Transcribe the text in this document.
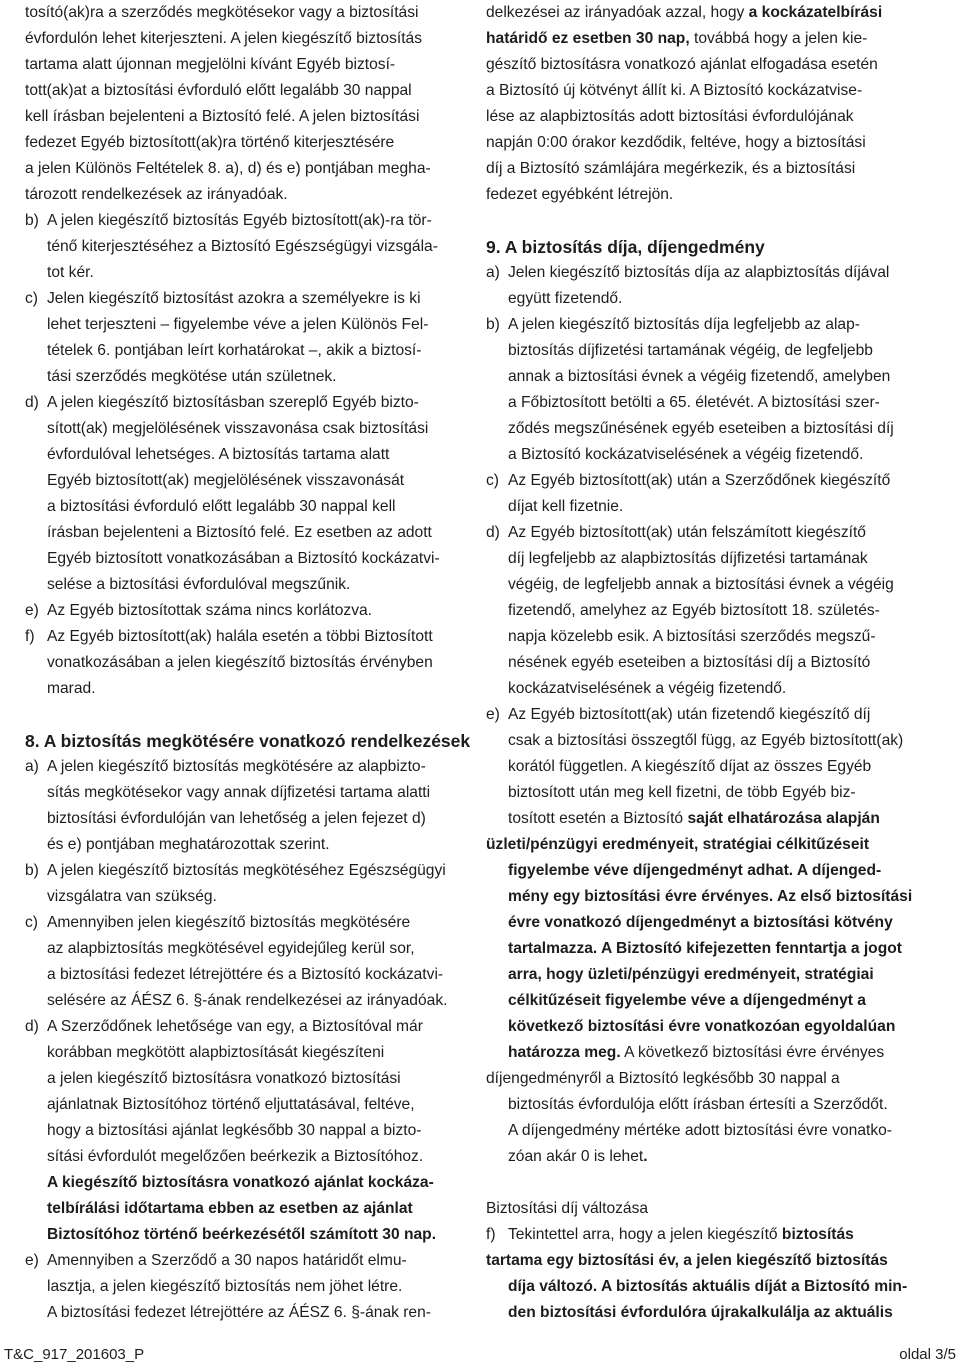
tosító(ak)ra a szerződés megkötésekor vagy a biztosítási
évfordulón lehet kiterjeszteni. A jelen kiegészítő biztosítás
tartama alatt újonnan megjelölni kívánt Egyéb biztosí-
tott(ak)at a biztosítási évforduló előtt legalább 30 nappal
kell írásban bejelenteni a Biztosító felé. A jelen biztosítási
fedezet Egyéb biztosított(ak)ra történő kiterjesztésére
a jelen Különös Feltételek 8. a), d) és e) pontjában megha-
tározott rendelkezések az irányadóak.
b) A jelen kiegészítő biztosítás Egyéb biztosított(ak)-ra tör-
ténő kiterjesztéséhez a Biztosító Egészségügyi vizsgála-
tot kér.
c) Jelen kiegészítő biztosítást azokra a személyekre is ki
lehet terjeszteni – figyelembe véve a jelen Különös Fel-
tételek 6. pontjában leírt korhatárokat –, akik a biztosí-
tási szerződés megkötése után születnek.
d) A jelen kiegészítő biztosításban szereplő Egyéb bizto-
sított(ak) megjelölésének visszavonása csak biztosítási
évfordulóval lehetséges. A biztosítás tartama alatt
Egyéb biztosított(ak) megjelölésének visszavonását
a biztosítási évforduló előtt legalább 30 nappal kell
írásban bejelenteni a Biztosító felé. Ez esetben az adott
Egyéb biztosított vonatkozásában a Biztosító kockázatvi-
selése a biztosítási évfordulóval megszűnik.
e) Az Egyéb biztosítottak száma nincs korlátozva.
f) Az Egyéb biztosított(ak) halála esetén a többi Biztosított
vonatkozásában a jelen kiegészítő biztosítás érvényben
marad.
8. A biztosítás megkötésére vonatkozó rendelkezések
a) A jelen kiegészítő biztosítás megkötésére az alapbizto-
sítás megkötésekor vagy annak díjfizetési tartama alatti
biztosítási évfordulóján van lehetőség a jelen fejezet d)
és e) pontjában meghatározottak szerint.
b) A jelen kiegészítő biztosítás megkötéséhez Egészségügyi
vizsgálatra van szükség.
c) Amennyiben jelen kiegészítő biztosítás megkötésére
az alapbiztosítás megkötésével egyidejűleg kerül sor,
a biztosítási fedezet létrejöttére és a Biztosító kockázatvi-
selésére az ÁÉSZ 6. §-ának rendelkezései az irányadóak.
d) A Szerződőnek lehetősége van egy, a Biztosítóval már
korábban megkötött alapbiztosítását kiegészíteni
a jelen kiegészítő biztosításra vonatkozó biztosítási
ajánlatnak Biztosítóhoz történő eljuttatásával, feltéve,
hogy a biztosítási ajánlat legkésőbb 30 nappal a bizto-
sítási évfordulót megelőzően beérkezik a Biztosítóhoz.
A kiegészítő biztosításra vonatkozó ajánlat kockáza-
telbírálási időtartama ebben az esetben az ajánlat
Biztosítóhoz történő beérkezésétől számított 30 nap.
e) Amennyiben a Szerződő a 30 napos határidőt elmu-
lasztja, a jelen kiegészítő biztosítás nem jöhet létre.
A biztosítási fedezet létrejöttére az ÁÉSZ 6. §-ának ren-
delkezései az irányadóak azzal, hogy a kockázatelbírási
határidő ez esetben 30 nap, továbbá hogy a jelen kie-
gészítő biztosításra vonatkozó ajánlat elfogadása esetén
a Biztosító új kötvényt állít ki. A Biztosító kockázatvise-
lése az alapbiztosítás adott biztosítási évfordulójának
napján 0:00 órakor kezdődik, feltéve, hogy a biztosítási
díj a Biztosító számlájára megérkezik, és a biztosítási
fedezet egyébként létrejön.
9. A biztosítás díja, díjengedmény
a) Jelen kiegészítő biztosítás díja az alapbiztosítás díjával
együtt fizetendő.
b) A jelen kiegészítő biztosítás díja legfeljebb az alap-
biztosítás díjfizetési tartamának végéig, de legfeljebb
annak a biztosítási évnek a végéig fizetendő, amelyben
a Főbiztosított betölti a 65. életévét. A biztosítási szer-
ződés megszűnésének egyéb eseteiben a biztosítási díj
a Biztosító kockázatviselésének a végéig fizetendő.
c) Az Egyéb biztosított(ak) után a Szerződőnek kiegészítő
díjat kell fizetnie.
d) Az Egyéb biztosított(ak) után felszámított kiegészítő
díj legfeljebb az alapbiztosítás díjfizetési tartamának
végéig, de legfeljebb annak a biztosítási évnek a végéig
fizetendő, amelyhez az Egyéb biztosított 18. születés-
napja közelebb esik. A biztosítási szerződés megszű-
nésének egyéb eseteiben a biztosítási díj a Biztosító
kockázatviselésének a végéig fizetendő.
e) Az Egyéb biztosított(ak) után fizetendő kiegészítő díj
csak a biztosítási összegtől függ, az Egyéb biztosított(ak)
korától független. A kiegészítő díjat az összes Egyéb
biztosított után meg kell fizetni, de több Egyéb biz-
tosított esetén a Biztosító saját elhatározása alapján
üzleti/pénzügyi eredményeit, stratégiai célkitűzéseit
figyelembe véve díjengedményt adhat. A díjenged-
mény egy biztosítási évre érvényes. Az első biztosítási
évre vonatkozó díjengedményt a biztosítási kötvény
tartalmazza. A Biztosító kifejezetten fenntartja a jogot
arra, hogy üzleti/pénzügyi eredményeit, stratégiai
célkitűzéseit figyelembe véve a díjengedményt a
következő biztosítási évre vonatkozóan egyoldalúan
határozza meg. A következő biztosítási évre érvényes
díjengedményről a Biztosító legkésőbb 30 nappal a
biztosítás évfordulója előtt írásban értesíti a Szerződőt.
A díjengedmény mértéke adott biztosítási évre vonatko-
zóan akár 0 is lehet.
Biztosítási díj változása
f) Tekintettel arra, hogy a jelen kiegészítő biztosítás
tartama egy biztosítási év, a jelen kiegészítő biztosítás
díja változó. A biztosítás aktuális díját a Biztosító min-
den biztosítási évfordulóra újrakalkulálja az aktuális
T&C_917_201603_P	oldal 3/5
